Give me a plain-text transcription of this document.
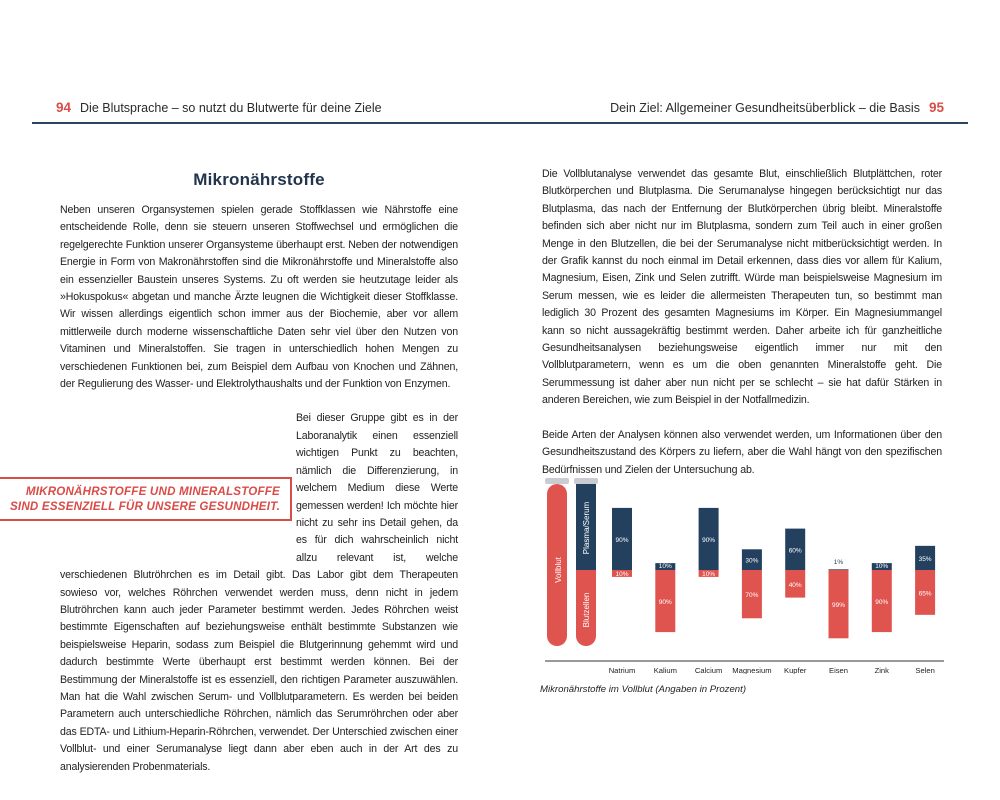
94 Die Blutsprache – so nutzt du Blutwerte für deine Ziele	Dein Ziel: Allgemeiner Gesundheitsüberblick – die Basis 95
Mikronährstoffe

Neben unseren Organsystemen spielen gerade Stoffklassen wie Nährstoffe eine entscheidende Rolle, denn sie steuern unseren Stoffwechsel und ermöglichen die regelgerechte Funktion unserer Organsysteme überhaupt erst. Neben der notwendigen Energie in Form von Makronährstoffen sind die Mikronährstoffe und Mineralstoffe also ein essenzieller Baustein unseres Systems. Zu oft werden sie heutzutage leider als »Hokuspokus« abgetan und manche Ärzte leugnen die Wichtigkeit dieser Stoffklasse. Wir wissen allerdings eigentlich schon immer aus der Biochemie, aber vor allem mittlerweile durch moderne wissenschaftliche Daten sehr viel über den Nutzen von Vitaminen und Mineralstoffen. Sie tragen in unterschiedlich hohen Mengen zu verschiedenen Funktionen bei, zum Beispiel dem Aufbau von Knochen und Zähnen, der Regulierung des Wasser- und Elektrolythaushalts und der Funktion von Enzymen.

Bei dieser Gruppe gibt es in der Laboranalytik einen essenziell wichtigen Punkt zu beachten, nämlich die Differenzierung, in welchem Medium diese Werte gemessen werden! Ich möchte hier nicht zu sehr ins Detail gehen, da es für dich wahrscheinlich nicht allzu relevant ist, welche verschiedenen Blutröhrchen es im Detail gibt. Das Labor gibt dem Therapeuten sowieso vor, welches Röhrchen verwendet werden muss, denn nicht in jedem Blutröhrchen kann auch jeder Parameter bestimmt werden. Jedes Röhrchen weist bestimmte Eigenschaften auf beziehungsweise enthält bestimmte Substanzen wie beispielsweise Heparin, sodass zum Beispiel die Blutgerinnung gehemmt wird und dadurch bestimmte Werte überhaupt erst bestimmt werden können. Bei der Bestimmung der Mineralstoffe ist es essenziell, den richtigen Parameter auszuwählen. Man hat die Wahl zwischen Serum- und Vollblutparametern. Es werden bei beiden Parametern auch unterschiedliche Röhrchen, nämlich das Serumröhrchen oder aber das EDTA- und Lithium-Heparin-Röhrchen, verwendet. Der Unterschied zwischen einer Vollblut- und einer Serumanalyse liegt dann aber eben auch in der Art des zu analysierenden Probenmaterials.

MIKRONÄHRSTOFFE UND MINERALSTOFFE
SIND ESSENZIELL FÜR UNSERE GESUNDHEIT.

Die Vollblutanalyse verwendet das gesamte Blut, einschließlich Blutplättchen, roter Blutkörperchen und Blutplasma. Die Serumanalyse hingegen berücksichtigt nur das Blutplasma, das nach der Entfernung der Blutkörperchen übrig bleibt. Mineralstoffe befinden sich aber nicht nur im Blutplasma, sondern zum Teil auch in einer großen Menge in den Blutzellen, die bei der Serumanalyse nicht mitberücksichtigt werden. In der Grafik kannst du noch einmal im Detail erkennen, dass dies vor allem für Kalium, Magnesium, Eisen, Zink und Selen zutrifft. Würde man beispielsweise Magnesium im Serum messen, wie es leider die allermeisten Therapeuten tun, so bestimmt man lediglich 30 Prozent des gesamten Magnesiums im Körper. Ein Magnesiummangel kann so nicht aussagekräftig bestimmt werden. Daher arbeite ich für ganzheitliche Gesundheitsanalysen beziehungsweise eigentlich immer nur mit den Vollblutparametern, wenn es um die oben genannten Mineralstoffe geht. Die Serummessung ist daher aber nun nicht per se schlecht – sie hat dafür Stärken in anderen Bereichen, wie zum Beispiel in der Notfallmedizin.

Beide Arten der Analysen können also verwendet werden, um Informationen über den Gesundheitszustand des Körpers zu liefern, aber die Wahl hängt von den spezifischen Bedürfnissen und Zielen der Untersuchung ab.

Vollblut
Plasma/Serum
Blutzellen
90%
10%
Natrium
10%
90%
Kalium
90%
10%
Calcium
30%
70%
Magnesium
60%
40%
Kupfer
1%
99%
Eisen
10%
90%
Zink
35%
65%
Selen
Mikronährstoffe im Vollblut (Angaben in Prozent)
